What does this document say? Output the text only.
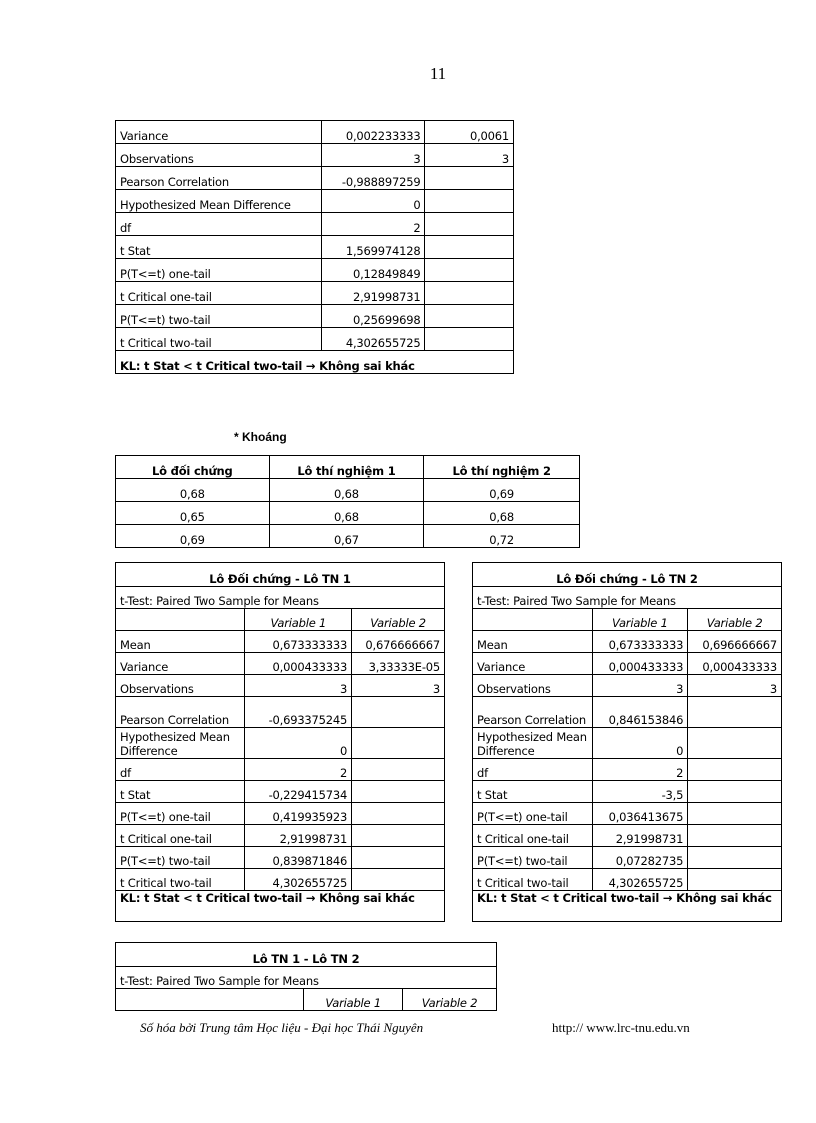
11
Variance	0,002233333	0,0061
Observations	3	3
Pearson Correlation	-0,988897259	
Hypothesized Mean Difference	0	
df	2	
t Stat	1,569974128	
P(T<=t) one-tail	0,12849849	
t Critical one-tail	2,91998731	
P(T<=t) two-tail	0,25699698	
t Critical two-tail	4,302655725	
KL: t Stat < t Critical two-tail → Không sai khác		
* Khoáng
Lô đối chứng	Lô thí nghiệm 1	Lô thí nghiệm 2
0,68	0,68	0,69
0,65	0,68	0,68
0,69	0,67	0,72
Lô Đối chứng - Lô TN 1		
t-Test: Paired Two Sample for Means		
	Variable 1	Variable 2
Mean	0,673333333	0,676666667
Variance	0,000433333	3,33333E-05
Observations	3	3
Pearson Correlation	-0,693375245	
Hypothesized Mean Difference	0	
df	2	
t Stat	-0,229415734	
P(T<=t) one-tail	0,419935923	
t Critical one-tail	2,91998731	
P(T<=t) two-tail	0,839871846	
t Critical two-tail	4,302655725	
KL: t Stat < t Critical two-tail → Không sai khác		
Lô Đối chứng - Lô TN 2		
t-Test: Paired Two Sample for Means		
	Variable 1	Variable 2
Mean	0,673333333	0,696666667
Variance	0,000433333	0,000433333
Observations	3	3
Pearson Correlation	0,846153846	
Hypothesized Mean Difference	0	
df	2	
t Stat	-3,5	
P(T<=t) one-tail	0,036413675	
t Critical one-tail	2,91998731	
P(T<=t) two-tail	0,07282735	
t Critical two-tail	4,302655725	
KL: t Stat < t Critical two-tail → Không sai khác		
Lô TN 1 - Lô TN 2
t-Test: Paired Two Sample for Means
	Variable 1	Variable 2
Số hóa bởi Trung tâm Học liệu - Đại học Thái Nguyên	http:// www.lrc-tnu.edu.vn
